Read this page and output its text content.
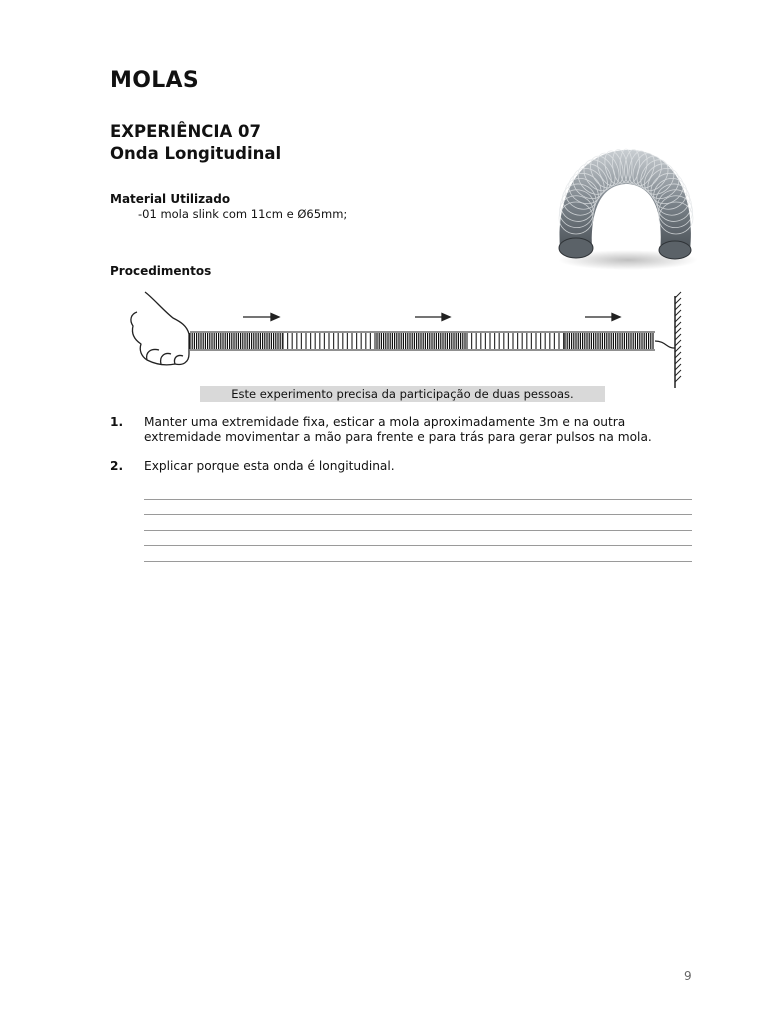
MOLAS
EXPERIÊNCIA 07
Onda Longitudinal
Material Utilizado
-01 mola slink com 11cm e Ø65mm;
Procedimentos
Este experimento precisa da participação de duas pessoas.
1.	Manter uma extremidade fixa, esticar a mola aproximadamente 3m e na outra extremidade movimentar a mão para frente e para trás para gerar pulsos na mola.
2.	Explicar porque esta onda é longitudinal.
9
